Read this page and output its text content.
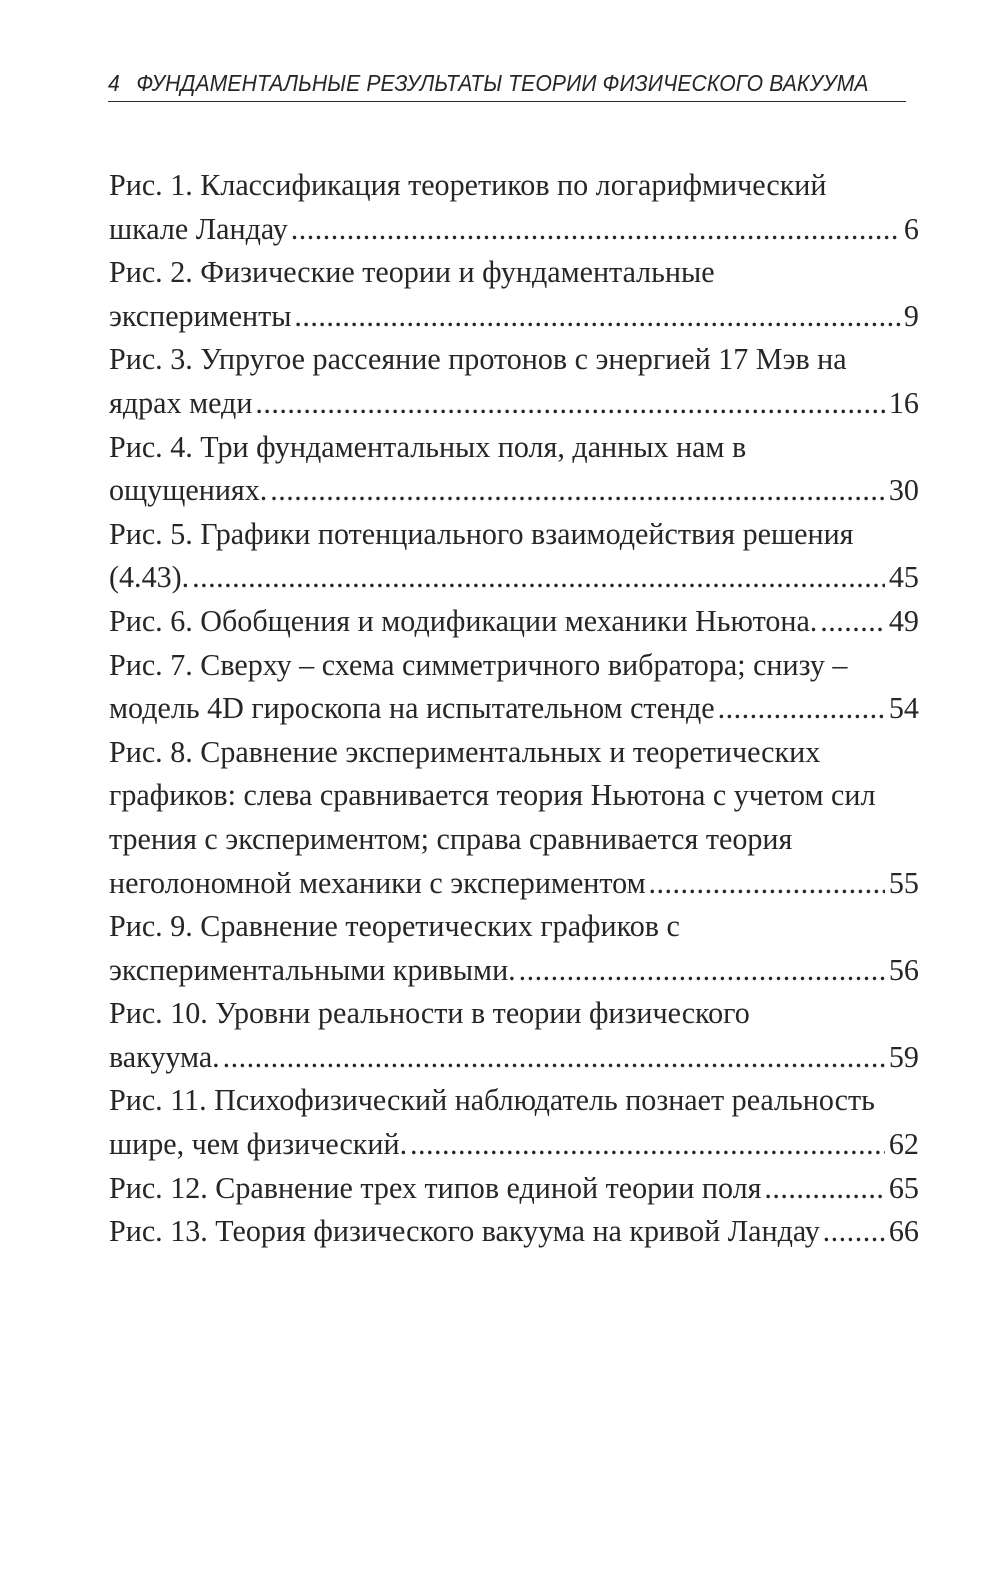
4 ФУНДАМЕНТАЛЬНЫЕ РЕЗУЛЬТАТЫ ТЕОРИИ ФИЗИЧЕСКОГО ВАКУУМА
Рис. 1. Классификация теоретиков по логарифмический
шкале Ландау .....	6
Рис. 2. Физические теории и фундаментальные
эксперименты .....	9
Рис. 3. Упругое рассеяние протонов с энергией 17 Мэв на
ядрах меди .....	16
Рис. 4. Три фундаментальных поля, данных нам в
ощущениях. .....	30
Рис. 5. Графики потенциального взаимодействия решения
(4.43). .....	45
Рис. 6. Обобщения и модификации механики Ньютона. ..... 49
Рис. 7. Сверху – схема симметричного вибратора; снизу –
модель 4D гироскопа на испытательном стенде .....	54
Рис. 8. Сравнение экспериментальных и теоретических
графиков: слева сравнивается теория Ньютона с учетом сил
трения с экспериментом; справа сравнивается теория
неголономной механики с экспериментом .....	55
Рис. 9. Сравнение теоретических графиков с
экспериментальными кривыми. .....	56
Рис. 10. Уровни реальности в теории физического
вакуума. .....	59
Рис. 11. Психофизический наблюдатель познает реальность
шире, чем физический. .....	62
Рис. 12. Сравнение трех типов единой теории поля .....	65
Рис. 13. Теория физического вакуума на кривой Ландау ..... 66
